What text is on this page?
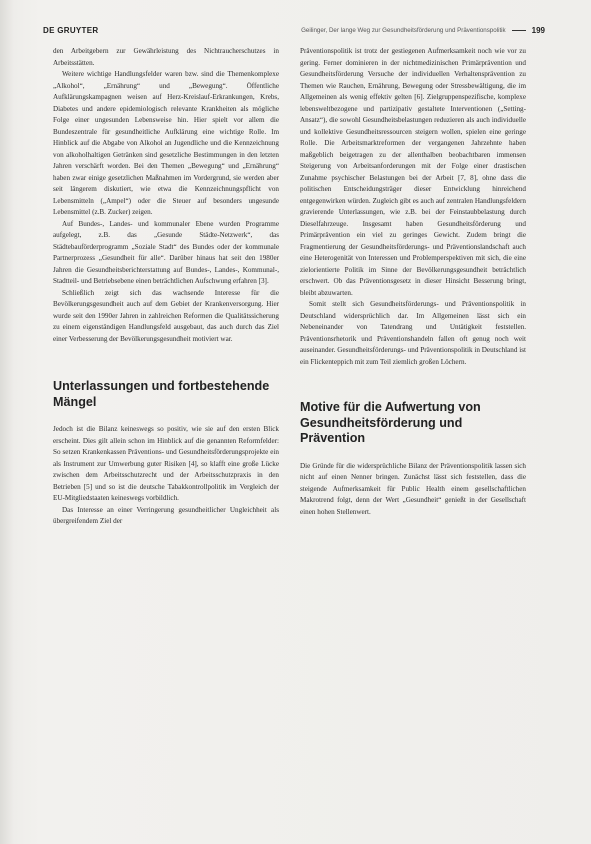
DE GRUYTER	Geilinger, Der lange Weg zur Gesundheitsförderung und Präventionspolitik	199

den Arbeitgebern zur Gewährleistung des Nichtraucherschutzes in Arbeitsstätten.

Weitere wichtige Handlungsfelder waren bzw. sind die Themenkomplexe „Alkohol“, „Ernährung“ und „Bewegung“. Öffentliche Aufklärungskampagnen weisen auf Herz-Kreislauf-Erkrankungen, Krebs, Diabetes und andere epidemiologisch relevante Krankheiten als mögliche Folge einer ungesunden Lebensweise hin. Hier spielt vor allem die Bundeszentrale für gesundheitliche Aufklärung eine wichtige Rolle. Im Hinblick auf die Abgabe von Alkohol an Jugendliche und die Kennzeichnung von alkoholhaltigen Getränken sind gesetzliche Bestimmungen in den letzten Jahren verschärft worden. Bei den Themen „Bewegung“ und „Ernährung“ haben zwar einige gesetzlichen Maßnahmen im Vordergrund, sie werden aber seit längerem diskutiert, wie etwa die Kennzeichnungspflicht von Lebensmitteln („Ampel“) oder die Steuer auf besonders ungesunde Lebensmittel (z.B. Zucker) zeigen.

Auf Bundes-, Landes- und kommunaler Ebene wurden Programme aufgelegt, z.B. das „Gesunde Städte-Netzwerk“, das Städtebauförderprogramm „Soziale Stadt“ des Bundes oder der kommunale Partnerprozess „Gesundheit für alle“. Darüber hinaus hat seit den 1980er Jahren die Gesundheitsberichterstattung auf Bundes-, Landes-, Kommunal-, Stadtteil- und Betriebsebene einen beträchtlichen Aufschwung erfahren [3].

Schließlich zeigt sich das wachsende Interesse für die Bevölkerungsgesundheit auch auf dem Gebiet der Krankenversorgung. Hier wurde seit den 1990er Jahren in zahlreichen Reformen die Qualitätssicherung zu einem eigenständigen Handlungsfeld ausgebaut, das auch durch das Ziel einer Verbesserung der Bevölkerungsgesundheit motiviert war.

Unterlassungen und fortbestehende Mängel

Jedoch ist die Bilanz keineswegs so positiv, wie sie auf den ersten Blick erscheint. Dies gilt allein schon im Hinblick auf die genannten Reformfelder: So setzen Krankenkassen Präventions- und Gesundheitsförderungsprojekte ein als Instrument zur Umwerbung guter Risiken [4], so klafft eine große Lücke zwischen dem Arbeitsschutzrecht und der Arbeitsschutzpraxis in den Betrieben [5] und so ist die deutsche Tabakkontrollpolitik im Vergleich der EU-Mitgliedstaaten keineswegs vorbildlich.

Das Interesse an einer Verringerung gesundheitlicher Ungleichheit als übergreifendem Ziel der

Präventionspolitik ist trotz der gestiegenen Aufmerksamkeit noch wie vor zu gering. Ferner dominieren in der nichtmedizinischen Primärprävention und Gesundheitsförderung Versuche der individuellen Verhaltensprävention zu Themen wie Rauchen, Ernährung, Bewegung oder Stressbewältigung, die im Allgemeinen als wenig effektiv gelten [6]. Zielgruppenspezifische, komplexe lebensweltbezogene und partizipativ gestaltete Interventionen („Setting-Ansatz“), die sowohl Gesundheitsbelastungen reduzieren als auch individuelle und kollektive Gesundheitsressourcen steigern wollen, spielen eine geringe Rolle. Die Arbeitsmarktreformen der vergangenen Jahrzehnte haben maßgeblich beigetragen zu der allenthalben beobachtbaren immensen Steigerung von Arbeitsanforderungen mit der Folge einer drastischen Zunahme psychischer Belastungen bei der Arbeit [7, 8], ohne dass die politischen Entscheidungsträger dieser Entwicklung hinreichend entgegenwirken würden. Zugleich gibt es auch auf zentralen Handlungsfeldern gravierende Unterlassungen, wie z.B. bei der Feinstaubbelastung durch Dieselfahrzeuge. Insgesamt haben Gesundheitsförderung und Primärprävention ein viel zu geringes Gewicht. Zudem bringt die Fragmentierung der Gesundheitsförderungs- und Präventionslandschaft auch eine Heterogenität von Interessen und Problemperspektiven mit sich, die eine zielorientierte Politik im Sinne der Bevölkerungsgesundheit beträchtlich erschwert. Ob das Präventionsgesetz in dieser Hinsicht Besserung bringt, bleibt abzuwarten.

Somit stellt sich Gesundheitsförderungs- und Präventionspolitik in Deutschland widersprüchlich dar. Im Allgemeinen lässt sich ein Nebeneinander von Tatendrang und Untätigkeit feststellen. Präventionsrhetorik und Präventionshandeln fallen oft genug noch weit auseinander. Gesundheitsförderungs- und Präventionspolitik in Deutschland ist ein Flickenteppich mit zum Teil ziemlich großen Löchern.

Motive für die Aufwertung von Gesundheitsförderung und Prävention

Die Gründe für die widersprüchliche Bilanz der Präventionspolitik lassen sich nicht auf einen Nenner bringen. Zunächst lässt sich feststellen, dass die steigende Aufmerksamkeit für Public Health einem gesellschaftlichen Makrotrend folgt, denn der Wert „Gesundheit“ genießt in der Gesellschaft einen hohen Stellenwert.
